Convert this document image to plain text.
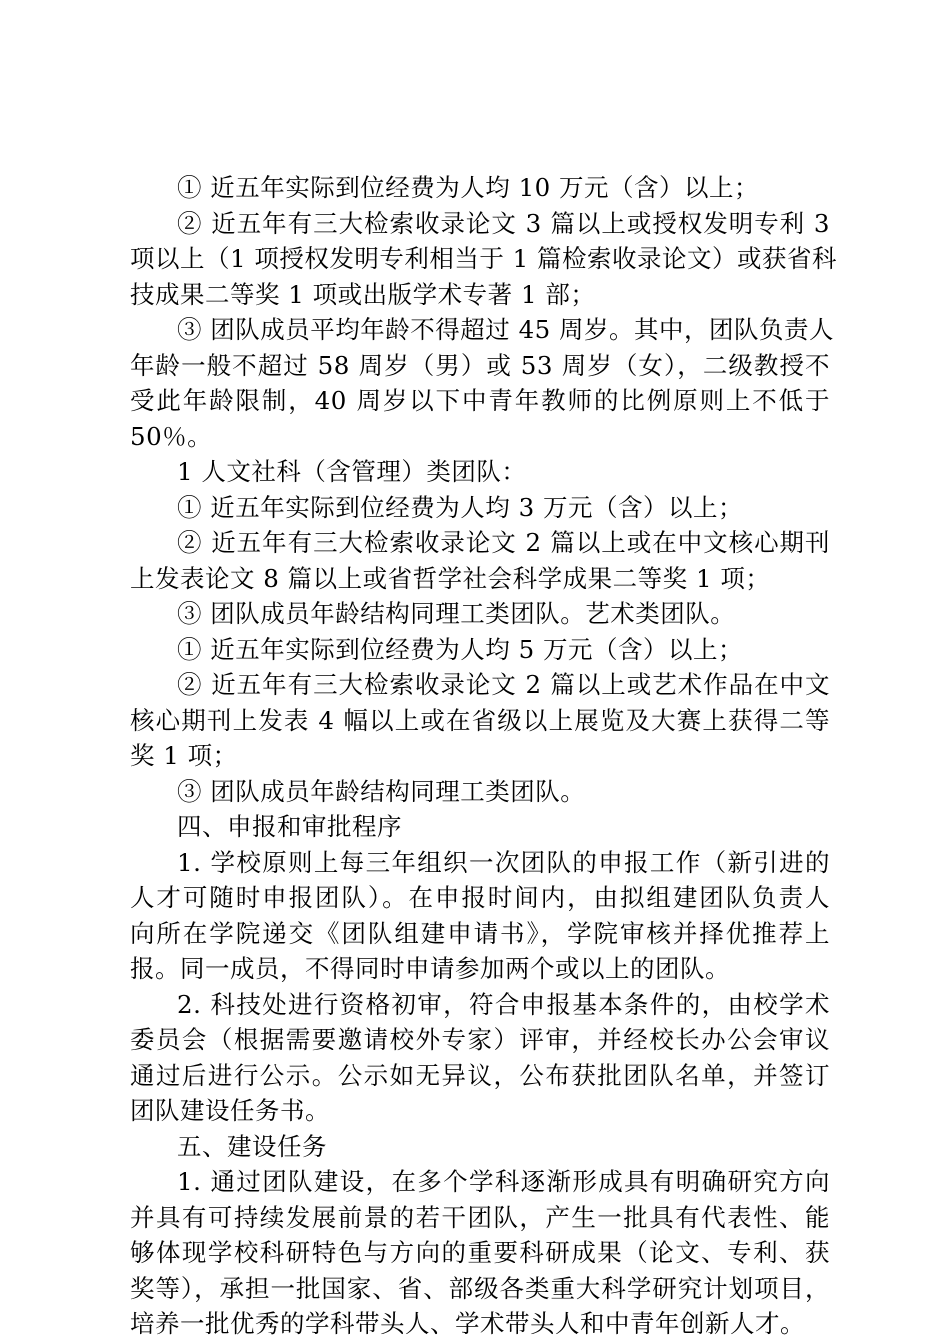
① 近五年实际到位经费为人均 10 万元（含）以上；
② 近五年有三大检索收录论文 3 篇以上或授权发明专利 3
项以上（1 项授权发明专利相当于 1 篇检索收录论文）或获省科
技成果二等奖 1 项或出版学术专著 1 部；
③ 团队成员平均年龄不得超过 45 周岁。其中，团队负责人
年龄一般不超过 58 周岁（男）或 53 周岁（女），二级教授不
受此年龄限制，40 周岁以下中青年教师的比例原则上不低于
50％。
1 人文社科（含管理）类团队：
① 近五年实际到位经费为人均 3 万元（含）以上；
② 近五年有三大检索收录论文 2 篇以上或在中文核心期刊
上发表论文 8 篇以上或省哲学社会科学成果二等奖 1 项；
③ 团队成员年龄结构同理工类团队。艺术类团队。
① 近五年实际到位经费为人均 5 万元（含）以上；
② 近五年有三大检索收录论文 2 篇以上或艺术作品在中文
核心期刊上发表 4 幅以上或在省级以上展览及大赛上获得二等
奖 1 项；
③ 团队成员年龄结构同理工类团队。
四、申报和审批程序
1. 学校原则上每三年组织一次团队的申报工作（新引进的
人才可随时申报团队）。在申报时间内，由拟组建团队负责人
向所在学院递交《团队组建申请书》，学院审核并择优推荐上
报。同一成员，不得同时申请参加两个或以上的团队。
2. 科技处进行资格初审，符合申报基本条件的，由校学术
委员会（根据需要邀请校外专家）评审，并经校长办公会审议
通过后进行公示。公示如无异议，公布获批团队名单，并签订
团队建设任务书。
五、建设任务
1. 通过团队建设，在多个学科逐渐形成具有明确研究方向
并具有可持续发展前景的若干团队，产生一批具有代表性、能
够体现学校科研特色与方向的重要科研成果（论文、专利、获
奖等），承担一批国家、省、部级各类重大科学研究计划项目，
培养一批优秀的学科带头人、学术带头人和中青年创新人才。
